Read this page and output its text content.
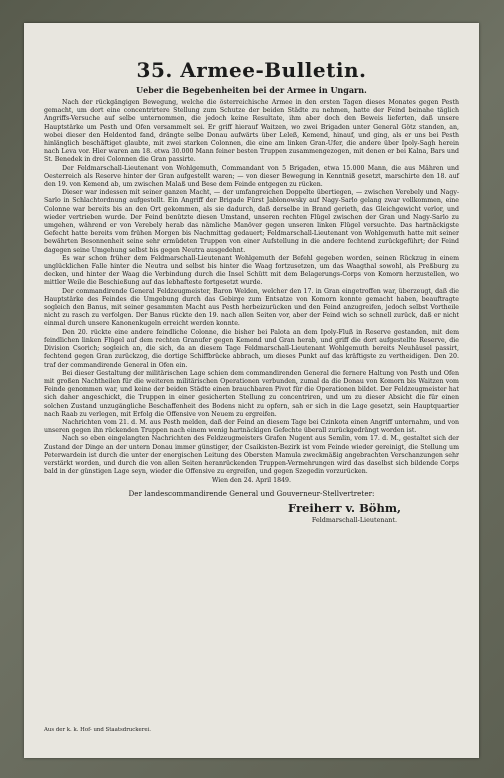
35. Armee-Bulletin.
Ueber die Begebenheiten bei der Armee in Ungarn.

Nach der rückgängigen Bewegung, welche die österreichische Armee in den ersten Tagen dieses Monates gegen Pesth gemacht, um dort eine concentrirtere Stellung zum Schutze der beiden Städte zu nehmen, hatte der Feind beinahe täglich Angriffs-Versuche auf selbe unternommen, die jedoch keine Resultate, ihm aber doch den Beweis lieferten, daß unsere Hauptstärke um Pesth und Ofen versammelt sei. Er griff hierauf Waitzen, wo zwei Brigaden unter General Götz standen, an, wobei dieser den Heldentod fand, drängte selbe Donau aufwärts über Leleß, Kemend, hinauf, und ging, als er uns bei Pesth hinlänglich beschäftiget glaubte, mit zwei starken Colonnen, die eine am linken Gran-Ufer, die andere über Ipoly-Sagh herein nach Leva vor. Hier waren am 18. etwa 30.000 Mann feiner besten Truppen zusammengezogen, mit denen er bei Kalna, Bars und St. Benedek in drei Colonnen die Gran passirte.

Der Feldmarschall-Lieutenant von Wohlgemuth, Commandant von 5 Brigaden, etwa 15.000 Mann, die aus Mähren und Oesterreich als Reserve hinter der Gran aufgestellt waren; — von dieser Bewegung in Kenntniß gesetzt, marschirte den 18. auf den 19. von Kemend ab, um zwischen Malaß und Bese dem Feinde entgegen zu rücken.

Dieser war indessen mit seiner ganzen Macht, — der umfangreichen Doppelte übertiegen, — zwischen Verebely und Nagy-Sarlo in Schlachtordnung aufgestellt. Ein Angriff der Brigade Fürst Jablonowsky auf Nagy-Sarlo gelang zwar vollkommen, eine Colonne war bereits bis an den Ort gekommen, als sie dadurch, daß derselbe in Brand gerieth, das Gleichgewicht verlor, und wieder vertrieben wurde. Der Feind benützte diesen Umstand, unseren rechten Flügel zwischen der Gran und Nagy-Sarlo zu umgehen, während er von Verebely herab das nämliche Manöver gegen unseren linken Flügel versuchte. Das hartnäckigste Gefecht hatte bereits vom frühen Morgen bis Nachmittag gedauert; Feldmarschall-Lieutenant von Wohlgemuth hatte mit seiner bewährten Besonnenheit seine sehr ermüdeten Truppen von einer Aufstellung in die andere fechtend zurückgeführt; der Feind dagegen seine Umgehung selbst bis gegen Neutra ausgedehnt.

Es war schon früher dem Feldmarschall-Lieutenant Wohlgemuth der Befehl gegeben worden, seinen Rückzug in einem unglücklichen Falle hinter die Neutra und selbst bis hinter die Waag fortzusetzen, um das Waagthal sowohl, als Preßburg zu decken, und hinter der Waag die Verbindung durch die Insel Schütt mit dem Belagerungs-Corps von Komorn herzustellen, wo mittler Weile die Beschießung auf das lebhafteste fortgesetzt wurde.

Der commandirende General Feldzeugmeister, Baron Welden, welcher den 17. in Gran eingetroffen war, überzeugt, daß die Hauptstärke des Feindes die Umgebung durch das Gebirge zum Entsatze von Komorn konnte gemacht haben, beauftragte sogleich den Banus, mit seiner gesammten Macht aus Pesth herbeizurücken und den Feind anzugreifen, jedoch selbst Vortheile nicht zu rasch zu verfolgen. Der Banus rückte den 19. nach allen Seiten vor, aber der Feind wich so schnell zurück, daß er nicht einmal durch unsere Kanonenkugeln erreicht werden konnte.

Den 20. rückte eine andere feindliche Colonne, die bisher bei Palota an dem Ipoly-Fluß in Reserve gestanden, mit dem feindlichen linken Flügel auf dem rechten Granufer gegen Kemend und Gran herab, und griff die dort aufgestellte Reserve, die Division Csorich; sogleich an, die sich, da an diesem Tage Feldmarschall-Lieutenant Wohlgemuth bereits Neuhäusel passirt, fechtend gegen Gran zurückzog, die dortige Schiffbrücke abbrach, um dieses Punkt auf das kräftigste zu vertheidigen. Den 20. traf der commandirende General in Ofen ein.

Bei dieser Gestaltung der militärischen Lage schien dem commandirenden General die fernere Haltung von Pesth und Ofen mit großen Nachtheilen für die weiteren militärischen Operationen verbunden, zumal da die Donau von Komorn bis Waitzen vom Feinde genommen war, und keine der beiden Städte einen brauchbaren Pivot für die Operationen bildet. Der Feldzeugmeister hat sich daher angeschickt, die Truppen in einer gesicherten Stellung zu concentriren, und um zu dieser Absicht die für einen solchen Zustand unzugängliche Beschaffenheit des Bodens nicht zu opfern, sah er sich in die Lage gesetzt, sein Hauptquartier nach Raab zu verlegen, mit Erfolg die Offensive von Neuem zu ergreifen.

Nachrichten vom 21. d. M. aus Pesth melden, daß der Feind an diesem Tage bei Czinkota einen Angriff unternahm, und von unseren gegen ihn rückenden Truppen nach einem wenig hartnäckigen Gefechte überall zurückgedrängt worden ist.

Nach so eben eingelangten Nachrichten des Feldzeugmeisters Grafen Nugent aus Semlin, vom 17. d. M., gestaltet sich der Zustand der Dinge an der untern Donau immer günstiger, der Csaikisten-Bezirk ist vom Feinde wieder gereinigt, die Stellung um Peterwardein ist durch die unter der energischen Leitung des Obersten Mamula zweckmäßig angebrachten Verschanzungen sehr verstärkt worden, und durch die von allen Seiten heranrückenden Truppen-Vermehrungen wird das daselbst sich bildende Corps bald in der günstigen Lage seyn, wieder die Offensive zu ergreifen, und gegen Szegedin vorzurücken.

Wien den 24. April 1849.
Der landescommandirende General und Gouverneur-Stellvertreter:
Freiherr v. Böhm,
Feldmarschall-Lieutenant.
Aus der k. k. Hof- und Staatsdruckerei.
